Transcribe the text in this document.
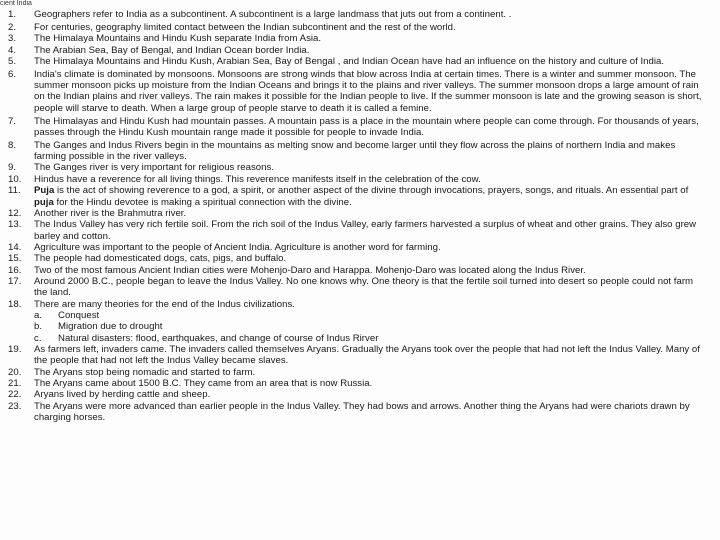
cient India
1.	Geographers refer to India as a subcontinent. A subcontinent is a large landmass that juts out from a continent. .
2.	For centuries, geography limited contact between the Indian subcontinent and the rest of the world.
3.	The Himalaya Mountains and Hindu Kush separate India from Asia.
4.	The Arabian Sea, Bay of Bengal, and Indian Ocean border India.
5.	The Himalaya Mountains and Hindu Kush, Arabian Sea, Bay of Bengal , and Indian Ocean have had an influence on the history and culture of India.
6.	India's climate is dominated by monsoons. Monsoons are strong winds that blow across India at certain times. There is a winter and summer monsoon. The summer monsoon picks up moisture from the Indian Oceans and brings it to the plains and river valleys. The summer monsoon drops a large amount of rain on the Indian plains and river valleys. The rain makes it possible for the Indian people to live. If the summer monsoon is late and the growing season is short, people will starve to death. When a large group of people starve to death it is called a femine.
7.	The Himalayas and Hindu Kush had mountain passes. A mountain pass is a place in the mountain where people can come through. For thousands of years, passes through the Hindu Kush mountain range made it possible for people to invade India.
8.	The Ganges and Indus Rivers begin in the mountains as melting snow and become larger until they flow across the plains of northern India and makes farming possible in the river valleys.
9.	The Ganges river is very important for religious reasons.
10.	Hindus have a reverence for all living things. This reverence manifests itself in the celebration of the cow.
11.	Puja is the act of showing reverence to a god, a spirit, or another aspect of the divine through invocations, prayers, songs, and rituals. An essential part of puja for the Hindu devotee is making a spiritual connection with the divine.
12.	Another river is the Brahmutra river.
13.	The Indus Valley has very rich fertile soil. From the rich soil of the Indus Valley, early farmers harvested a surplus of wheat and other grains. They also grew barley and cotton.
14.	Agriculture was important to the people of Ancient India. Agriculture is another word for farming.
15.	The people had domesticated dogs, cats, pigs, and buffalo.
16.	Two of the most famous Ancient Indian cities were Mohenjo-Daro and Harappa. Mohenjo-Daro was located along the Indus River.
17.	Around 2000 B.C., people began to leave the Indus Valley. No one knows why. One theory is that the fertile soil turned into desert so people could not farm the land.
18.	There are many theories for the end of the Indus civilizations.
a.	Conquest
b.	Migration due to drought
c.	Natural disasters: flood, earthquakes, and change of course of Indus Rirver
19.	As farmers left, invaders came. The invaders called themselves Aryans. Gradually the Aryans took over the people that had not left the Indus Valley. Many of the people that had not left the Indus Valley became slaves.
20.	The Aryans stop being nomadic and started to farm.
21.	The Aryans came about 1500 B.C. They came from an area that is now Russia.
22.	Aryans lived by herding cattle and sheep.
23.	The Aryans were more advanced than earlier people in the Indus Valley. They had bows and arrows. Another thing the Aryans had were chariots drawn by charging horses.
